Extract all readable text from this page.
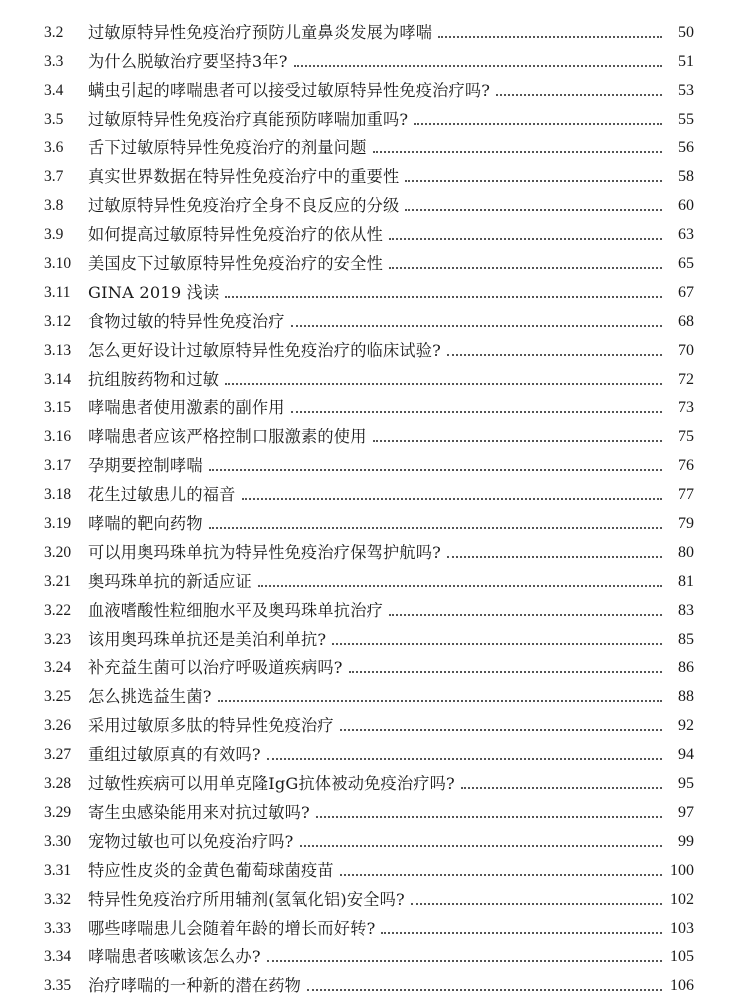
3.2	过敏原特异性免疫治疗预防儿童鼻炎发展为哮喘	50
3.3	为什么脱敏治疗要坚持3年?	51
3.4	螨虫引起的哮喘患者可以接受过敏原特异性免疫治疗吗?	53
3.5	过敏原特异性免疫治疗真能预防哮喘加重吗?	55
3.6	舌下过敏原特异性免疫治疗的剂量问题	56
3.7	真实世界数据在特异性免疫治疗中的重要性	58
3.8	过敏原特异性免疫治疗全身不良反应的分级	60
3.9	如何提高过敏原特异性免疫治疗的依从性	63
3.10	美国皮下过敏原特异性免疫治疗的安全性	65
3.11	GINA 2019 浅读	67
3.12	食物过敏的特异性免疫治疗	68
3.13	怎么更好设计过敏原特异性免疫治疗的临床试验?	70
3.14	抗组胺药物和过敏	72
3.15	哮喘患者使用激素的副作用	73
3.16	哮喘患者应该严格控制口服激素的使用	75
3.17	孕期要控制哮喘	76
3.18	花生过敏患儿的福音	77
3.19	哮喘的靶向药物	79
3.20	可以用奥玛珠单抗为特异性免疫治疗保驾护航吗?	80
3.21	奥玛珠单抗的新适应证	81
3.22	血液嗜酸性粒细胞水平及奥玛珠单抗治疗	83
3.23	该用奥玛珠单抗还是美泊利单抗?	85
3.24	补充益生菌可以治疗呼吸道疾病吗?	86
3.25	怎么挑选益生菌?	88
3.26	采用过敏原多肽的特异性免疫治疗	92
3.27	重组过敏原真的有效吗?	94
3.28	过敏性疾病可以用单克隆IgG抗体被动免疫治疗吗?	95
3.29	寄生虫感染能用来对抗过敏吗?	97
3.30	宠物过敏也可以免疫治疗吗?	99
3.31	特应性皮炎的金黄色葡萄球菌疫苗	100
3.32	特异性免疫治疗所用辅剂(氢氧化铝)安全吗?	102
3.33	哪些哮喘患儿会随着年龄的增长而好转?	103
3.34	哮喘患者咳嗽该怎么办?	105
3.35	治疗哮喘的一种新的潜在药物	106
